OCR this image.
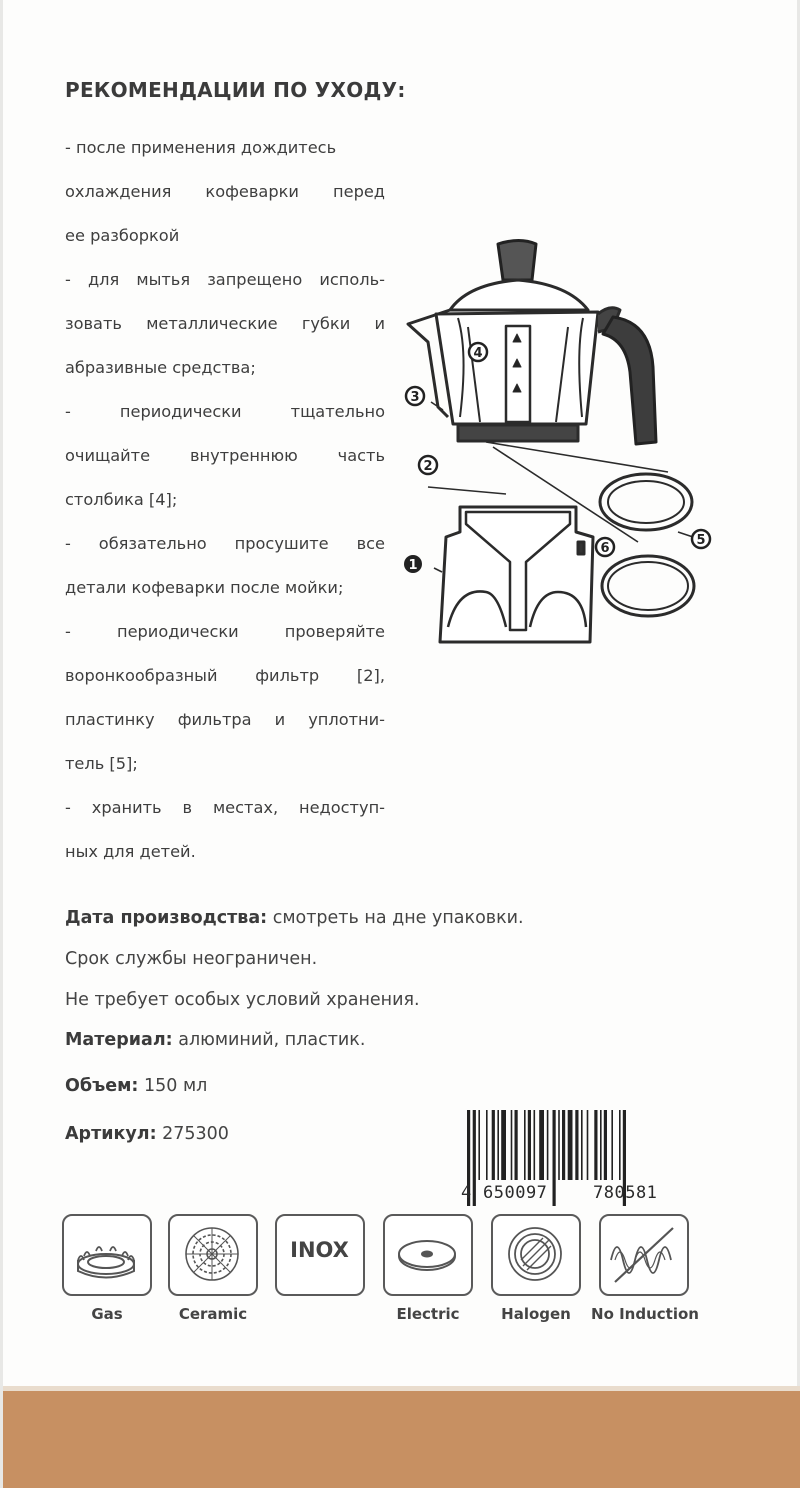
РЕКОМЕНДАЦИИ ПО УХОДУ:
- после применения дождитесь
охлаждения кофеварки перед
ее разборкой
- для мытья запрещено исполь-
зовать металлические губки и
абразивные средства;
- периодически тщательно
очищайте внутреннюю часть
столбика [4];
- обязательно просушите все
детали кофеварки после мойки;
- периодически проверяйте
воронкообразный фильтр [2],
пластинку фильтра и уплотни-
тель [5];
- хранить в местах, недоступ-
ных для детей.
1
2
3
4
5
6
Дата производства: смотреть на дне упаковки.
Срок службы неограничен.
Не требует особых условий хранения.
Материал: алюминий, пластик.
Объем: 150 мл
Артикул: 275300
4 650097	780581
Gas	Ceramic
INOX
Electric	Halogen	No Induction
